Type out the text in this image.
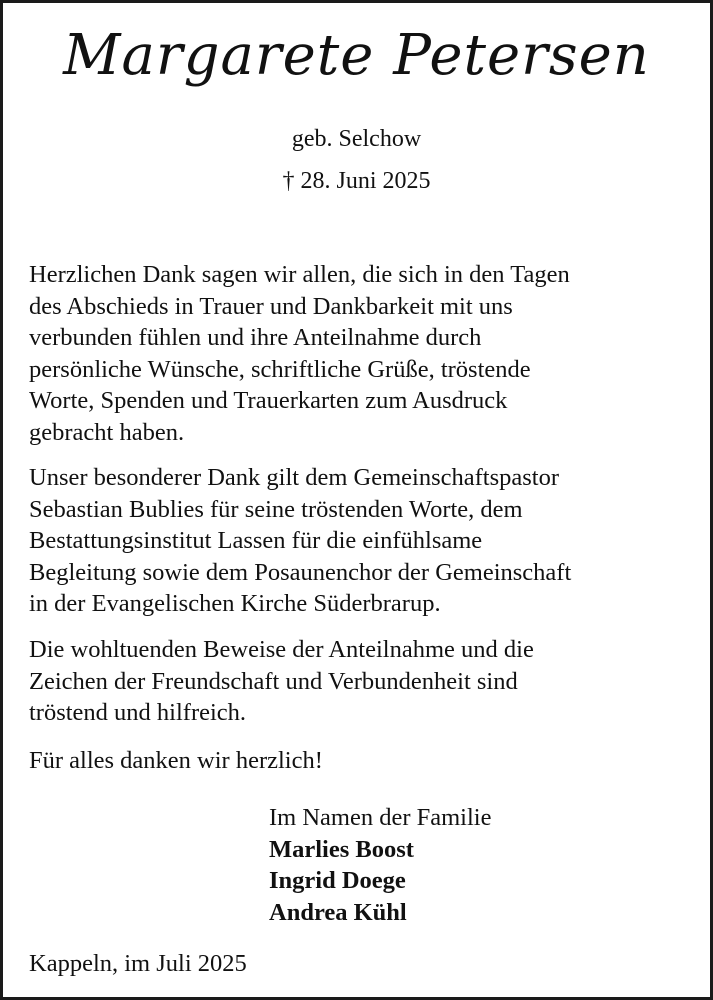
Margarete Petersen
geb. Selchow
† 28. Juni 2025
Herzlichen Dank sagen wir allen, die sich in den Tagen
des Abschieds in Trauer und Dankbarkeit mit uns
verbunden fühlen und ihre Anteilnahme durch
persönliche Wünsche, schriftliche Grüße, tröstende
Worte, Spenden und Trauerkarten zum Ausdruck
gebracht haben.
Unser besonderer Dank gilt dem Gemeinschaftspastor
Sebastian Bublies für seine tröstenden Worte, dem
Bestattungsinstitut Lassen für die einfühlsame
Begleitung sowie dem Posaunenchor der Gemeinschaft
in der Evangelischen Kirche Süderbrarup.
Die wohltuenden Beweise der Anteilnahme und die
Zeichen der Freundschaft und Verbundenheit sind
tröstend und hilfreich.
Für alles danken wir herzlich!
Im Namen der Familie
Marlies Boost
Ingrid Doege
Andrea Kühl
Kappeln, im Juli 2025
